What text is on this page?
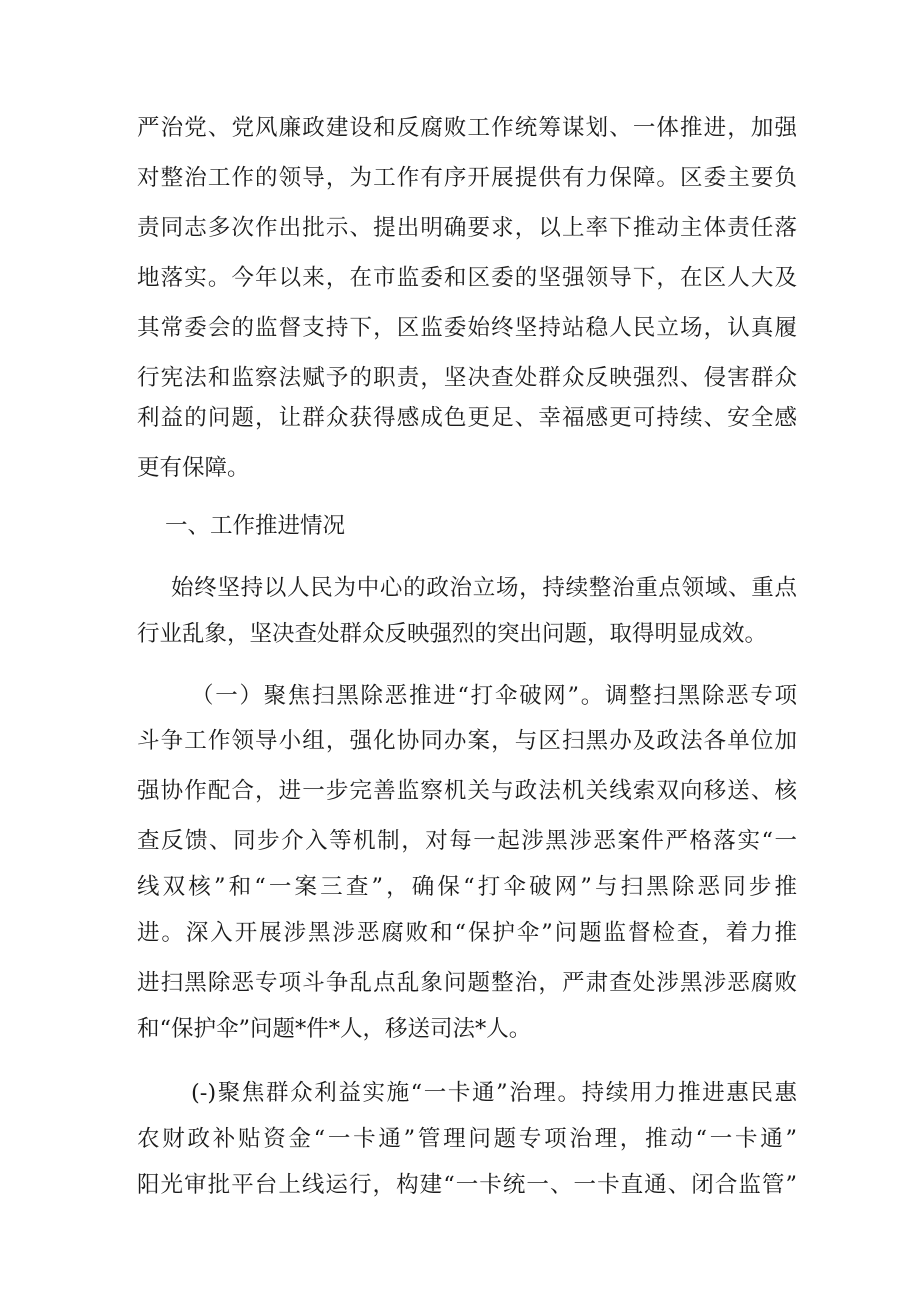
严治党、党风廉政建设和反腐败工作统筹谋划、一体推进，加强
对整治工作的领导，为工作有序开展提供有力保障。区委主要负
责同志多次作出批示、提出明确要求，以上率下推动主体责任落
地落实。今年以来，在市监委和区委的坚强领导下，在区人大及
其常委会的监督支持下，区监委始终坚持站稳人民立场，认真履
行宪法和监察法赋予的职责，坚决查处群众反映强烈、侵害群众
利益的问题，让群众获得感成色更足、幸福感更可持续、安全感
更有保障。
一、工作推进情况
始终坚持以人民为中心的政治立场，持续整治重点领域、重点
行业乱象，坚决查处群众反映强烈的突出问题，取得明显成效。
（一）聚焦扫黑除恶推进“打伞破网”。调整扫黑除恶专项
斗争工作领导小组，强化协同办案，与区扫黑办及政法各单位加
强协作配合，进一步完善监察机关与政法机关线索双向移送、核
查反馈、同步介入等机制，对每一起涉黑涉恶案件严格落实“一
线双核”和“一案三查”，确保“打伞破网”与扫黑除恶同步推
进。深入开展涉黑涉恶腐败和“保护伞”问题监督检查，着力推
进扫黑除恶专项斗争乱点乱象问题整治，严肃查处涉黑涉恶腐败
和“保护伞”问题*件*人，移送司法*人。
(-)聚焦群众利益实施“一卡通”治理。持续用力推进惠民惠
农财政补贴资金“一卡通”管理问题专项治理，推动“一卡通”
阳光审批平台上线运行，构建“一卡统一、一卡直通、闭合监管”
